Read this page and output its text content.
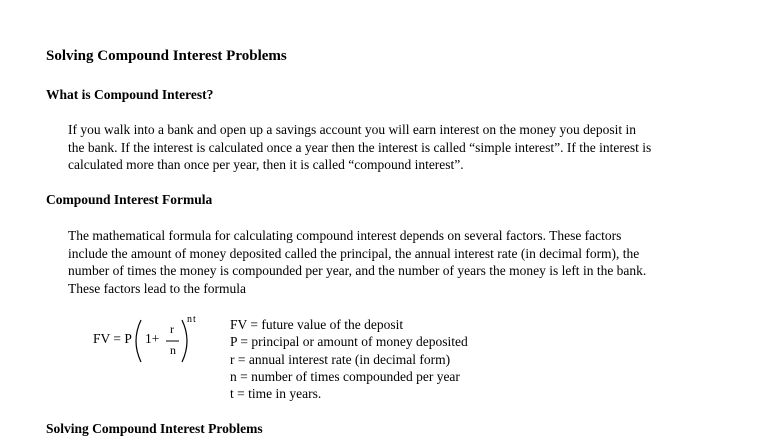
Solving Compound Interest Problems
What is Compound Interest?
If you walk into a bank and open up a savings account you will earn interest on the money you deposit in
the bank. If the interest is calculated once a year then the interest is called “simple interest”. If the interest is
calculated more than once per year, then it is called “compound interest”.
Compound Interest Formula
The mathematical formula for calculating compound interest depends on several factors. These factors
include the amount of money deposited called the principal, the annual interest rate (in decimal form), the
number of times the money is compounded per year, and the number of years the money is left in the bank.
These factors lead to the formula
FV = P 1+
r
n
nt FV = future value of the deposit
P = principal or amount of money deposited
r = annual interest rate (in decimal form)
n = number of times compounded per year
t = time in years.
Solving Compound Interest Problems
